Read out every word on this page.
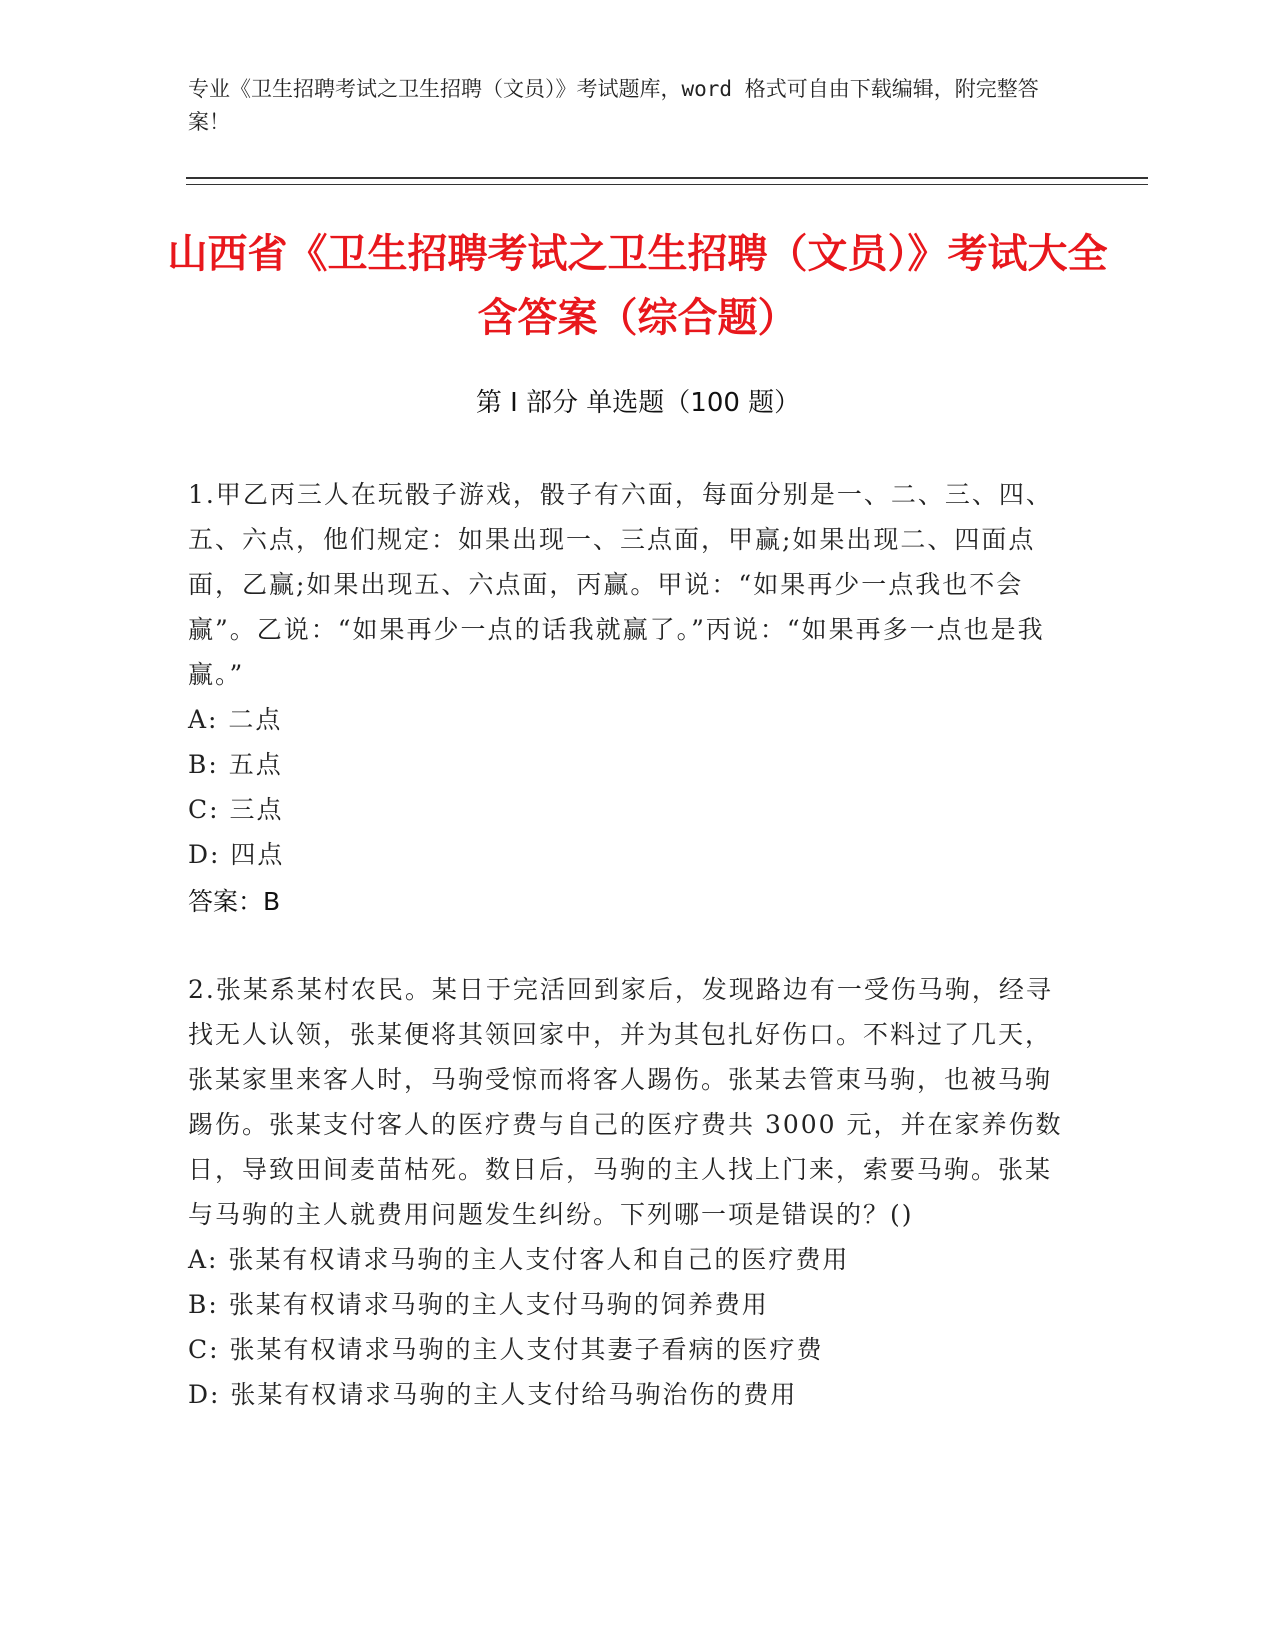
专业《卫生招聘考试之卫生招聘（文员）》考试题库，word 格式可自由下载编辑，附完整答案！
山西省《卫生招聘考试之卫生招聘（文员）》考试大全含答案（综合题）
第 I 部分 单选题（100 题）
1.甲乙丙三人在玩骰子游戏，骰子有六面，每面分别是一、二、三、四、五、六点，他们规定：如果出现一、三点面，甲赢;如果出现二、四面点面，乙赢;如果出现五、六点面，丙赢。甲说：“如果再少一点我也不会赢”。乙说：“如果再少一点的话我就赢了。”丙说：“如果再多一点也是我赢。”
A: 二点
B: 五点
C: 三点
D: 四点
答案：B
2.张某系某村农民。某日于完活回到家后，发现路边有一受伤马驹，经寻找无人认领，张某便将其领回家中，并为其包扎好伤口。不料过了几天，张某家里来客人时，马驹受惊而将客人踢伤。张某去管束马驹，也被马驹踢伤。张某支付客人的医疗费与自己的医疗费共 3000 元，并在家养伤数日，导致田间麦苗枯死。数日后，马驹的主人找上门来，索要马驹。张某与马驹的主人就费用问题发生纠纷。下列哪一项是错误的？()
A: 张某有权请求马驹的主人支付客人和自己的医疗费用
B: 张某有权请求马驹的主人支付马驹的饲养费用
C: 张某有权请求马驹的主人支付其妻子看病的医疗费
D: 张某有权请求马驹的主人支付给马驹治伤的费用
